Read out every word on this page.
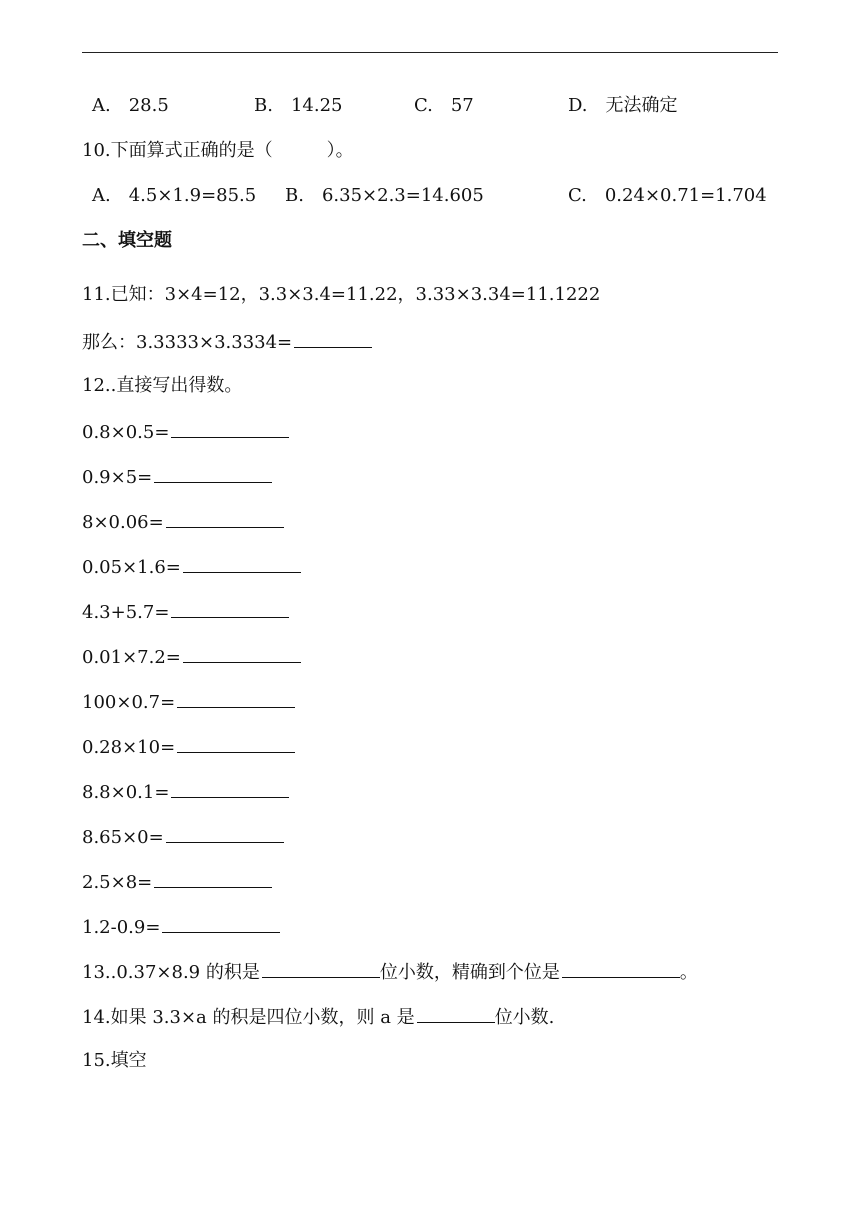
A. 28.5	B. 14.25	C. 57	D. 无法确定
10.下面算式正确的是（　　　）。
A. 4.5×1.9=85.5 B. 6.35×2.3=14.605	C. 0.24×0.71=1.704
二、填空题
11.已知：3×4=12，3.3×3.4=11.22，3.33×3.34=11.1222
那么：3.3333×3.3334=
12..直接写出得数。
0.8×0.5=
0.9×5=
8×0.06=
0.05×1.6=
4.3+5.7=
0.01×7.2=
100×0.7=
0.28×10=
8.8×0.1=
8.65×0=
2.5×8=
1.2-0.9=
13..0.37×8.9 的积是	位小数，精确到个位是	。
14.如果 3.3×a 的积是四位小数，则 a 是	位小数.
15.填空
